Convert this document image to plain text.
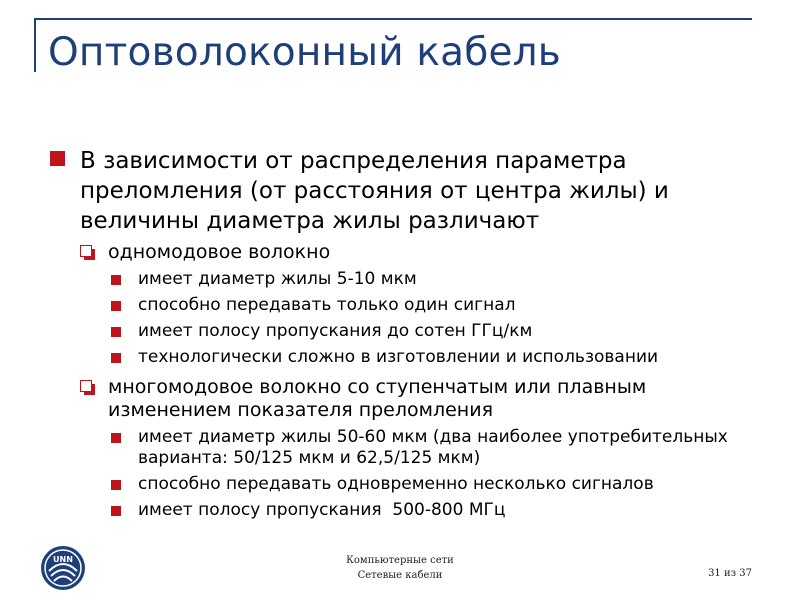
Оптоволоконный кабель
В зависимости от распределения параметра преломления (от расстояния от центра жилы) и величины диаметра жилы различают
одномодовое волокно
имеет диаметр жилы 5-10 мкм
способно передавать только один сигнал
имеет полосу пропускания до сотен ГГц/км
технологически сложно в изготовлении и использовании
многомодовое волокно со ступенчатым или плавным изменением показателя преломления
имеет диаметр жилы 50-60 мкм (два наиболее употребительных варианта: 50/125 мкм и 62,5/125 мкм)
способно передавать одновременно несколько сигналов
имеет полосу пропускания  500-800 МГц
UNN	Компьютерные сети
Сетевые кабели	31 из 37
